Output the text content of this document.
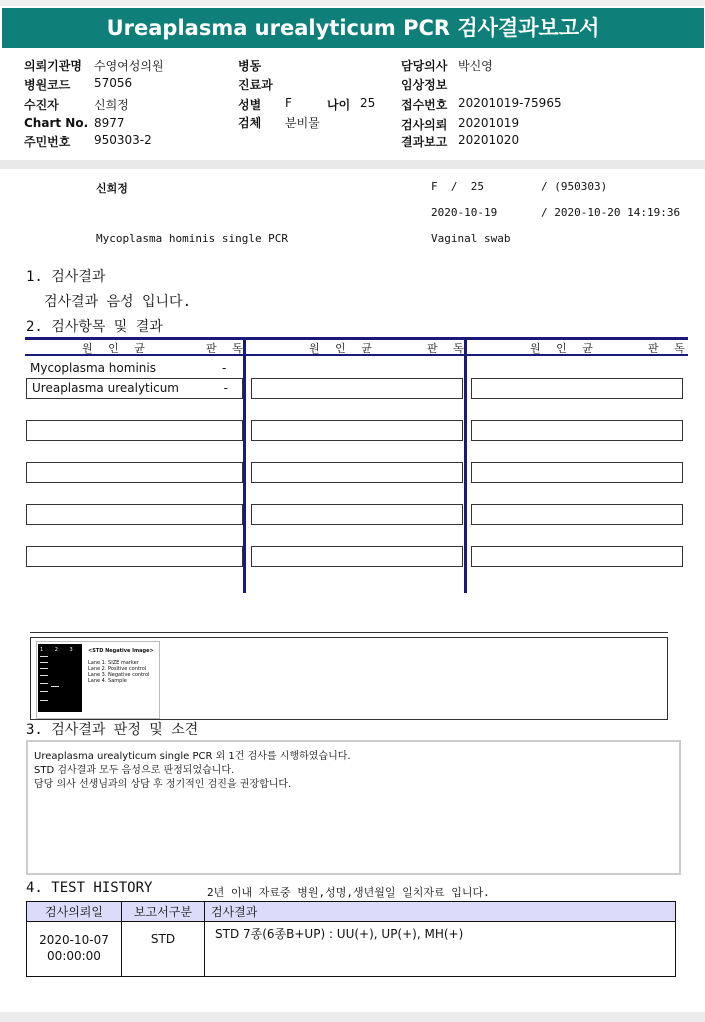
Ureaplasma urealyticum PCR 검사결과보고서
의뢰기관명 수영여성의원
병원코드 57056
수진자	신희정
Chart No. 8977
주민번호 950303-2
병동
진료과
성별 F	나이 25
검체 분비물
담당의사 박신영
임상정보
접수번호 20201019-75965
검사의뢰 20201019
결과보고 20201020
신희정	F  /  25	/ (950303)
2020-10-19	/ 2020-10-20 14:19:36
Mycoplasma hominis single PCR	Vaginal swab
1. 검사결과
검사결과 음성 입니다.
2. 검사항목 및 결과
원 인 균	판 독	원 인 균	판 독	원 인 균	판 독
Mycoplasma hominis	-
Ureaplasma urealyticum	-
1 2 3 4
<STD Negative Image>

Lane 1. SIZE marker
Lane 2. Positive control
Lane 3. Negative control
Lane 4. Sample
3. 검사결과 판정 및 소견
Ureaplasma urealyticum single PCR 외 1건 검사를 시행하였습니다.
STD 검사결과 모두 음성으로 판정되었습니다.
담당 의사 선생님과의 상담 후 정기적인 검진을 권장합니다.
4. TEST HISTORY	2년 이내 자료중 병원,성명,생년월일 일치자료 입니다.
검사의뢰일	보고서구분	검사결과
2020-10-07
00:00:00	STD	STD 7종(6종B+UP) : UU(+), UP(+), MH(+)
